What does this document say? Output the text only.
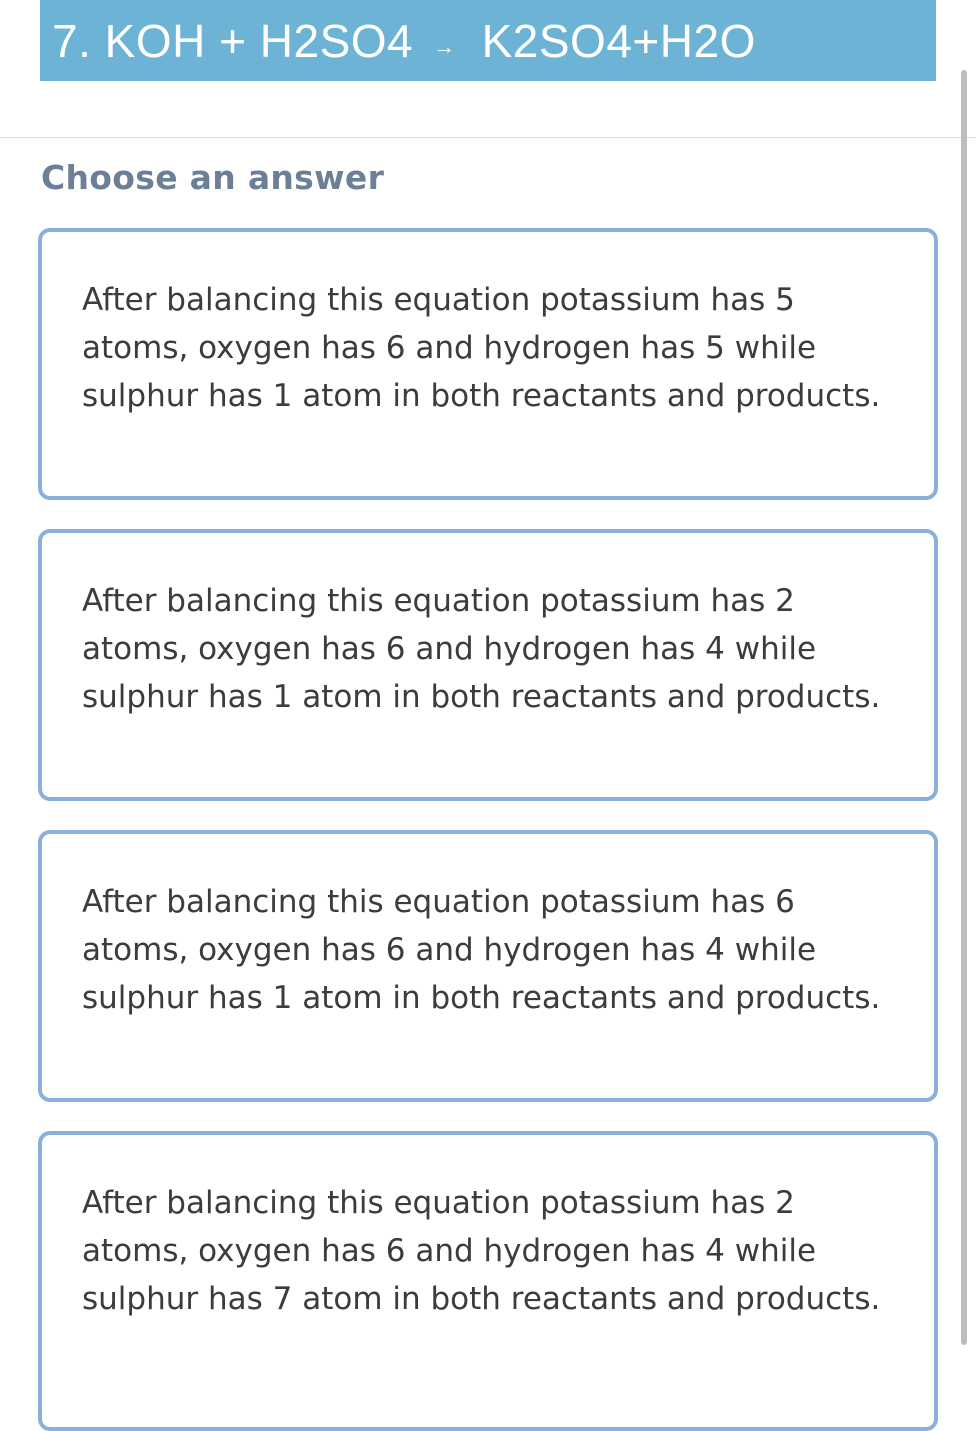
7.
KOH + H2SO4 → K2SO4+H2O
Choose an answer
After balancing this equation potassium has 5 atoms, oxygen has 6 and hydrogen has 5 while sulphur has 1 atom in both reactants and products.
After balancing this equation potassium has 2 atoms, oxygen has 6 and hydrogen has 4 while sulphur has 1 atom in both reactants and products.
After balancing this equation potassium has 6 atoms, oxygen has 6 and hydrogen has 4 while sulphur has 1 atom in both reactants and products.
After balancing this equation potassium has 2 atoms, oxygen has 6 and hydrogen has 4 while sulphur has 7 atom in both reactants and products.
